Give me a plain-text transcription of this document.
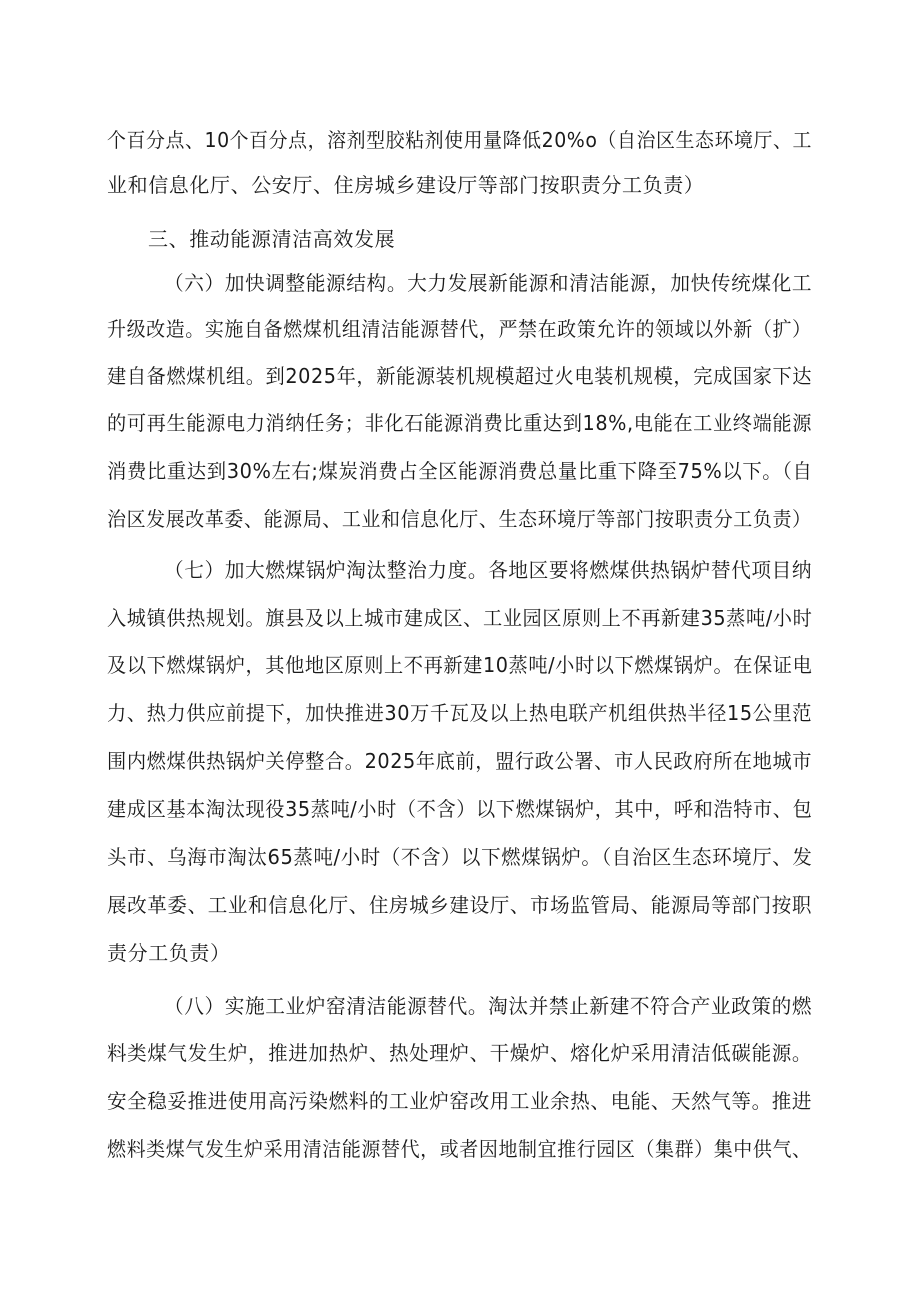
个百分点、10个百分点，溶剂型胶粘剂使用量降低20%o（自治区生态环境厅、工
业和信息化厅、公安厅、住房城乡建设厅等部门按职责分工负责）
三、推动能源清洁高效发展
（六）加快调整能源结构。大力发展新能源和清洁能源，加快传统煤化工
升级改造。实施自备燃煤机组清洁能源替代，严禁在政策允许的领域以外新（扩）
建自备燃煤机组。到2025年，新能源装机规模超过火电装机规模，完成国家下达
的可再生能源电力消纳任务；非化石能源消费比重达到18%,电能在工业终端能源
消费比重达到30%左右;煤炭消费占全区能源消费总量比重下降至75%以下。（自
治区发展改革委、能源局、工业和信息化厅、生态环境厅等部门按职责分工负责）
（七）加大燃煤锅炉淘汰整治力度。各地区要将燃煤供热锅炉替代项目纳
入城镇供热规划。旗县及以上城市建成区、工业园区原则上不再新建35蒸吨/小时
及以下燃煤锅炉，其他地区原则上不再新建10蒸吨/小时以下燃煤锅炉。在保证电
力、热力供应前提下，加快推进30万千瓦及以上热电联产机组供热半径15公里范
围内燃煤供热锅炉关停整合。2025年底前，盟行政公署、市人民政府所在地城市
建成区基本淘汰现役35蒸吨/小时（不含）以下燃煤锅炉，其中，呼和浩特市、包
头市、乌海市淘汰65蒸吨/小时（不含）以下燃煤锅炉。（自治区生态环境厅、发
展改革委、工业和信息化厅、住房城乡建设厅、市场监管局、能源局等部门按职
责分工负责）
（八）实施工业炉窑清洁能源替代。淘汰并禁止新建不符合产业政策的燃
料类煤气发生炉，推进加热炉、热处理炉、干燥炉、熔化炉采用清洁低碳能源。
安全稳妥推进使用高污染燃料的工业炉窑改用工业余热、电能、天然气等。推进
燃料类煤气发生炉采用清洁能源替代，或者因地制宜推行园区（集群）集中供气、
